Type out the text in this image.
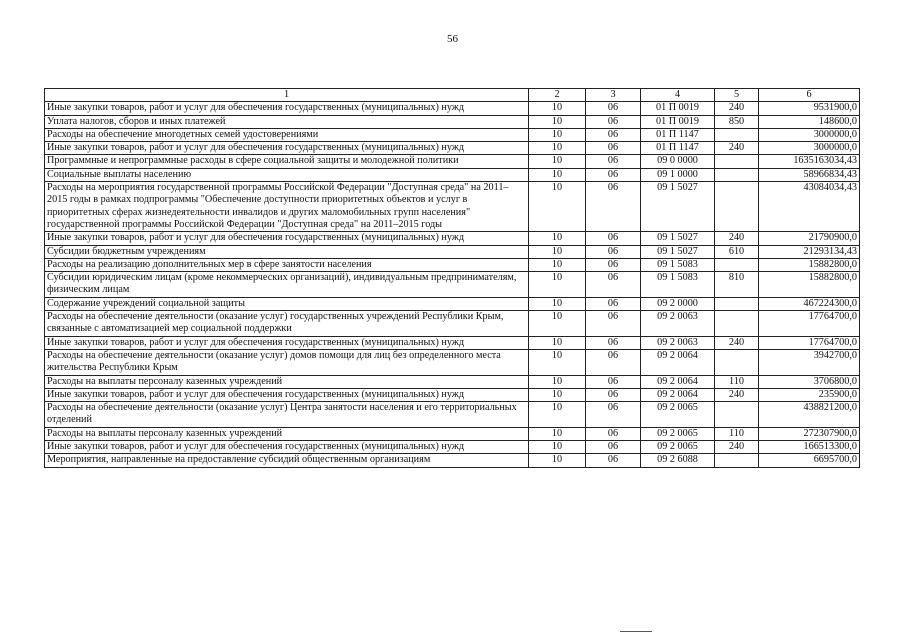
56
1	2	3	4	5	6
Иные закупки товаров, работ и услуг для обеспечения государственных (муниципальных) нужд	10	06	01 П 0019	240	9531900,0
Уплата налогов, сборов и иных платежей	10	06	01 П 0019	850	148600,0
Расходы на обеспечение многодетных семей удостоверениями	10	06	01 П 1147		3000000,0
Иные закупки товаров, работ и услуг для обеспечения государственных (муниципальных) нужд	10	06	01 П 1147	240	3000000,0
Программные и непрограммные расходы в сфере социальной защиты и молодежной политики	10	06	09 0 0000		1635163034,43
Социальные выплаты населению	10	06	09 1 0000		58966834,43
Расходы на мероприятия государственной программы Российской Федерации "Доступная среда" на 2011–2015 годы в рамках подпрограммы "Обеспечение доступности приоритетных объектов и услуг в приоритетных сферах жизнедеятельности инвалидов и других маломобильных групп населения" государственной программы Российской Федерации "Доступная среда" на 2011–2015 годы	10	06	09 1 5027		43084034,43
Иные закупки товаров, работ и услуг для обеспечения государственных (муниципальных) нужд	10	06	09 1 5027	240	21790900,0
Субсидии бюджетным учреждениям	10	06	09 1 5027	610	21293134,43
Расходы на реализацию дополнительных мер в сфере занятости населения	10	06	09 1 5083		15882800,0
Субсидии юридическим лицам (кроме некоммерческих организаций), индивидуальным предпринимателям, физическим лицам	10	06	09 1 5083	810	15882800,0
Содержание учреждений социальной защиты	10	06	09 2 0000		467224300,0
Расходы на обеспечение деятельности (оказание услуг) государственных учреждений Республики Крым, связанные с автоматизацией мер социальной поддержки	10	06	09 2 0063		17764700,0
Иные закупки товаров, работ и услуг для обеспечения государственных (муниципальных) нужд	10	06	09 2 0063	240	17764700,0
Расходы на обеспечение деятельности (оказание услуг) домов помощи для лиц без определенного места жительства Республики Крым	10	06	09 2 0064		3942700,0
Расходы на выплаты персоналу казенных учреждений	10	06	09 2 0064	110	3706800,0
Иные закупки товаров, работ и услуг для обеспечения государственных (муниципальных) нужд	10	06	09 2 0064	240	235900,0
Расходы на обеспечение деятельности (оказание услуг) Центра занятости населения и его территориальных отделений	10	06	09 2 0065		438821200,0
Расходы на выплаты персоналу казенных учреждений	10	06	09 2 0065	110	272307900,0
Иные закупки товаров, работ и услуг для обеспечения государственных (муниципальных) нужд	10	06	09 2 0065	240	166513300,0
Мероприятия, направленные на предоставление субсидий общественным организациям	10	06	09 2 6088		6695700,0
